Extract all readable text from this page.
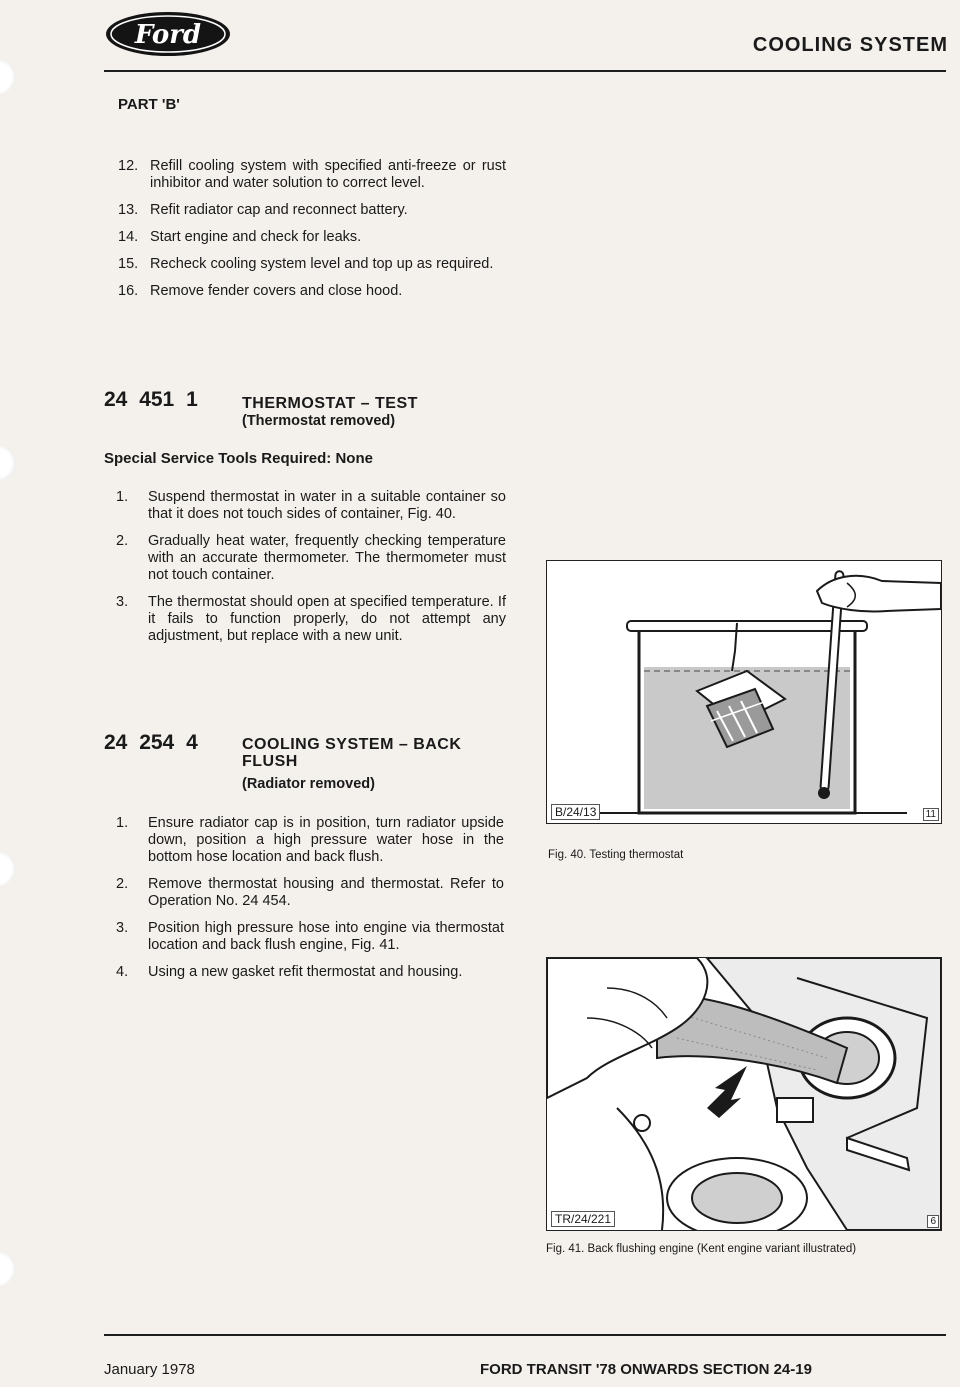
Ford	COOLING SYSTEM
PART 'B'
12. Refill cooling system with specified anti-freeze or rust inhibitor and water solution to correct level.
13. Refit radiator cap and reconnect battery.
14. Start engine and check for leaks.
15. Recheck cooling system level and top up as required.
16. Remove fender covers and close hood.
24 451 1	THERMOSTAT – TEST
(Thermostat removed)
Special Service Tools Required: None
1.	Suspend thermostat in water in a suitable container so that it does not touch sides of container, Fig. 40.
2.	Gradually heat water, frequently checking temperature with an accurate thermometer. The thermometer must not touch container.
3.	The thermostat should open at specified temperature. If it fails to function properly, do not attempt any adjustment, but replace with a new unit.
24 254 4	COOLING SYSTEM – BACK
FLUSH
(Radiator removed)
1.	Ensure radiator cap is in position, turn radiator upside down, position a high pressure water hose in the bottom hose location and back flush.
2.	Remove thermostat housing and thermostat. Refer to Operation No. 24 454.
3.	Position high pressure hose into engine via thermostat location and back flush engine, Fig. 41.
4.	Using a new gasket refit thermostat and housing.
B/24/13	11
Fig. 40. Testing thermostat
TR/24/221	6
Fig. 41. Back flushing engine (Kent engine variant illustrated)
January 1978	FORD TRANSIT '78 ONWARDS SECTION 24-19
